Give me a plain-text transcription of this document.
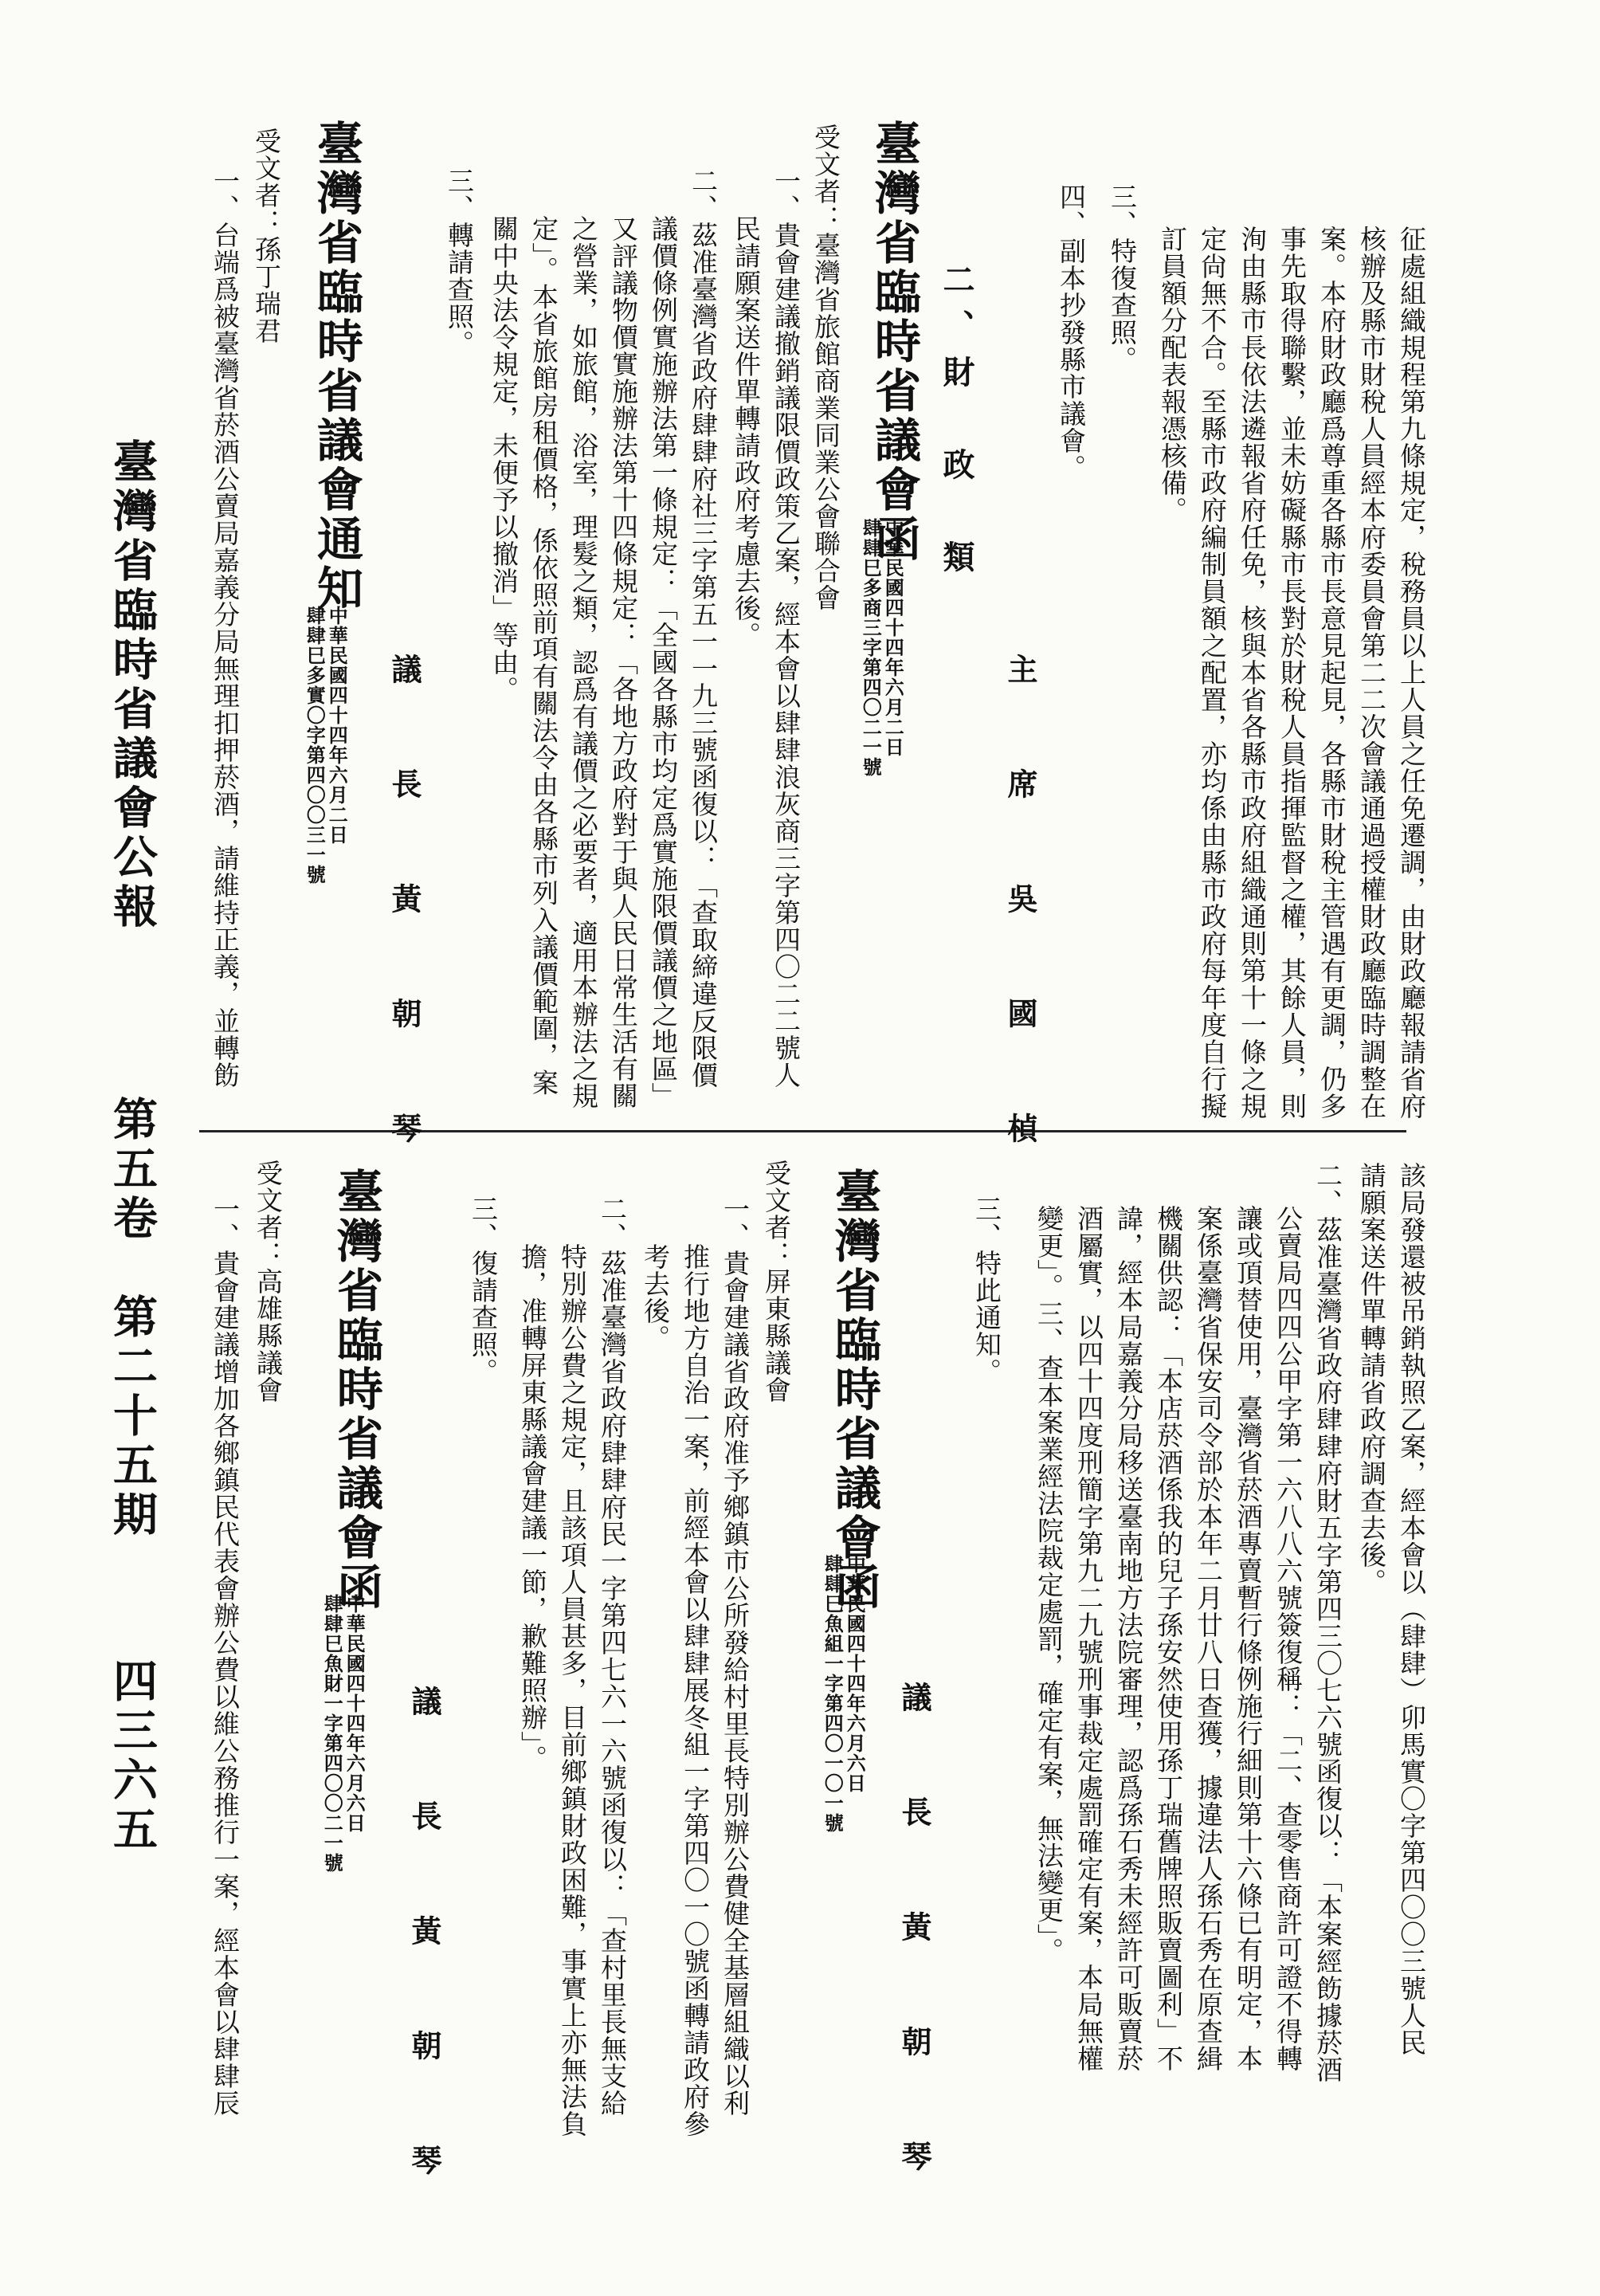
臺灣省臨時省議會公報
第五卷　第二十五期
四三六五
征處組織規程第九條規定，稅務員以上人員之任免遷調，由財政廳報請省府
核辦及縣市財稅人員經本府委員會第二二次會議通過授權財政廳臨時調整在
案。本府財政廳爲尊重各縣市長意見起見，各縣市財稅主管遇有更調，仍多
事先取得聯繫，並未妨礙縣市長對於財稅人員指揮監督之權，其餘人員，則
洵由縣市長依法遴報省府任免，核與本省各縣市政府組織通則第十一條之規
定尙無不合。至縣市政府編制員額之配置，亦均係由縣市政府每年度自行擬
訂員額分配表報憑核備。
三、特復查照。
四、副本抄發縣市議會。
主　席　吳　國　楨
二、財　政　類
臺灣省臨時省議會函
中華民國四十四年六月二日
肆肆巳多商三字第四〇二一號
受文者：臺灣省旅館商業同業公會聯合會
一、貴會建議撤銷議限價政策乙案，經本會以肆肆浪灰商三字第四〇二二號人
民請願案送件單轉請政府考慮去後。
二、茲准臺灣省政府肆肆府社三字第五一一九三號函復以：「查取締違反限價
議價條例實施辦法第一條規定：「全國各縣市均定爲實施限價議價之地區」
又評議物價實施辦法第十四條規定：「各地方政府對于與人民日常生活有關
之營業，如旅館，浴室，理髮之類，認爲有議價之必要者，適用本辦法之規
定」。本省旅館房租價格，係依照前項有關法令由各縣市列入議價範圍，案
關中央法令規定，未便予以撤消」等由。
三、轉請查照。
議　長　黃　朝　琴
臺灣省臨時省議會通知
中華民國四十四年六月二日
肆肆巳多實〇字第四〇〇三一號
受文者：孫丁瑞君
一、台端爲被臺灣省菸酒公賣局嘉義分局無理扣押菸酒，請維持正義，並轉飭
該局發還被吊銷執照乙案，經本會以（肆肆）卯馬實〇字第四〇〇三號人民
請願案送件單轉請省政府調查去後。
二、茲准臺灣省政府肆肆府財五字第四三〇七六號函復以：「本案經飭據菸酒
公賣局四四公甲字第一六八八六號簽復稱：「二、查零售商許可證不得轉
讓或頂替使用，臺灣省菸酒專賣暫行條例施行細則第十六條已有明定，本
案係臺灣省保安司令部於本年二月廿八日查獲，據違法人孫石秀在原查緝
機關供認：「本店菸酒係我的兒子孫安然使用孫丁瑞舊牌照販賣圖利」不
諱，經本局嘉義分局移送臺南地方法院審理，認爲孫石秀未經許可販賣菸
酒屬實，以四十四度刑簡字第九二九號刑事裁定處罰確定有案，本局無權
變更」。三、查本案業經法院裁定處罰，確定有案，無法變更」。
三、特此通知。
議　長　黃　朝　琴
臺灣省臨時省議會函
中華民國四十四年六月六日
肆肆巳魚組一字第四〇一〇一號
受文者：屏東縣議會
一、貴會建議省政府准予鄉鎮市公所發給村里長特別辦公費健全基層組織以利
推行地方自治一案，前經本會以肆肆展冬組一字第四〇一〇號函轉請政府參
考去後。
二、茲准臺灣省政府肆肆府民一字第四七六一六號函復以：「查村里長無支給
特別辦公費之規定，且該項人員甚多，目前鄉鎮財政困難，事實上亦無法負
擔，准轉屏東縣議會建議一節，歉難照辦」。
三、復請查照。
議　長　黃　朝　琴
臺灣省臨時省議會函
中華民國四十四年六月六日
肆肆巳魚財一字第四〇〇二一號
受文者：高雄縣議會
一、貴會建議增加各鄉鎮民代表會辦公費以維公務推行一案，經本會以肆肆辰
